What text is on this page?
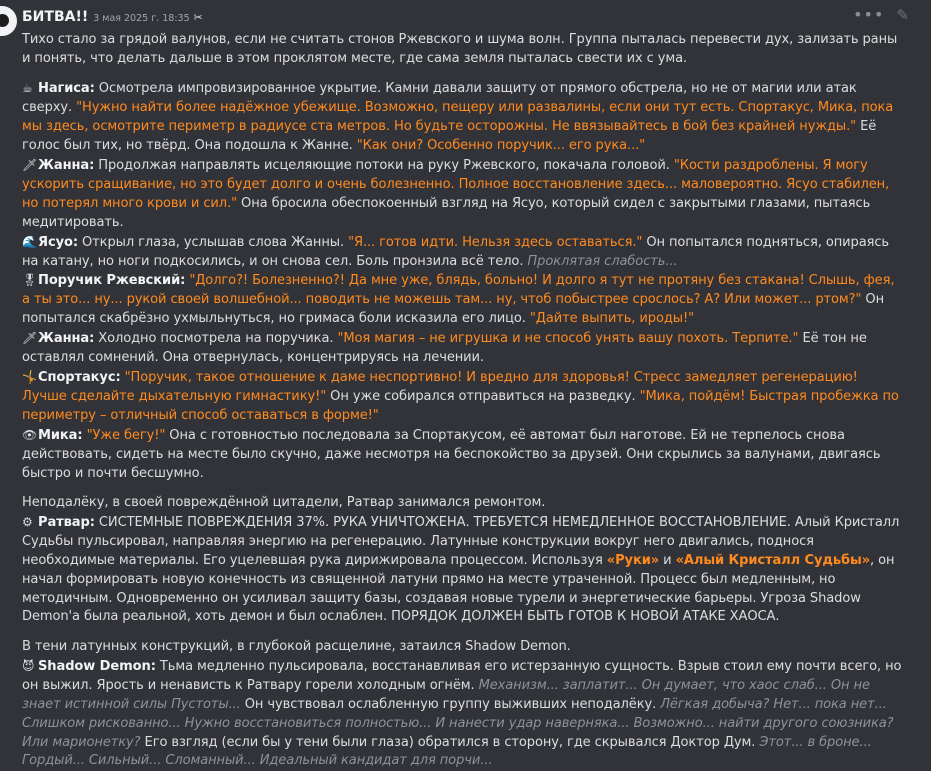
БИТВА!! 3 мая 2025 г. 18:35 ✂	••• ✎

Тихо стало за грядой валунов, если не считать стонов Ржевского и шума волн. Группа пыталась перевести дух, зализать раны и понять, что делать дальше в этом проклятом месте, где сама земля пыталась свести их с ума.

☕ Нагиса: Осмотрела импровизированное укрытие. Камни давали защиту от прямого обстрела, но не от магии или атак сверху. "Нужно найти более надёжное убежище. Возможно, пещеру или развалины, если они тут есть. Спортакус, Мика, пока мы здесь, осмотрите периметр в радиусе ста метров. Но будьте осторожны. Не ввязывайтесь в бой без крайней нужды." Её голос был тих, но твёрд. Она подошла к Жанне. "Как они? Особенно поручик... его рука..."

🗡Жанна: Продолжая направлять исцеляющие потоки на руку Ржевского, покачала головой. "Кости раздроблены. Я могу ускорить сращивание, но это будет долго и очень болезненно. Полное восстановление здесь... маловероятно. Ясуо стабилен, но потерял много крови и сил." Она бросила обеспокоенный взгляд на Ясуо, который сидел с закрытыми глазами, пытаясь медитировать.

🌊Ясуо: Открыл глаза, услышав слова Жанны. "Я... готов идти. Нельзя здесь оставаться." Он попытался подняться, опираясь на катану, но ноги подкосились, и он снова сел. Боль пронзила всё тело. Проклятая слабость...

🎖Поручик Ржевский: "Долго?! Болезненно?! Да мне уже, блядь, больно! И долго я тут не протяну без стакана! Слышь, фея, а ты это... ну... рукой своей волшебной... поводить не можешь там... ну, чтоб побыстрее срослось? А? Или может... ртом?" Он попытался скабрёзно ухмыльнуться, но гримаса боли исказила его лицо. "Дайте выпить, ироды!"

🗡Жанна: Холодно посмотрела на поручика. "Моя магия – не игрушка и не способ унять вашу похоть. Терпите." Её тон не оставлял сомнений. Она отвернулась, концентрируясь на лечении.

🤸Спортакус: "Поручик, такое отношение к даме неспортивно! И вредно для здоровья! Стресс замедляет регенерацию! Лучше сделайте дыхательную гимнастику!" Он уже собирался отправиться на разведку. "Мика, пойдём! Быстрая пробежка по периметру – отличный способ оставаться в форме!"

👁Мика: "Уже бегу!" Она с готовностью последовала за Спортакусом, её автомат был наготове. Ей не терпелось снова действовать, сидеть на месте было скучно, даже несмотря на беспокойство за друзей. Они скрылись за валунами, двигаясь быстро и почти бесшумно.

Неподалёку, в своей повреждённой цитадели, Ратвар занимался ремонтом.

⚙ Ратвар: СИСТЕМНЫЕ ПОВРЕЖДЕНИЯ 37%. РУКА УНИЧТОЖЕНА. ТРЕБУЕТСЯ НЕМЕДЛЕННОЕ ВОССТАНОВЛЕНИЕ. Алый Кристалл Судьбы пульсировал, направляя энергию на регенерацию. Латунные конструкции вокруг него двигались, поднося необходимые материалы. Его уцелевшая рука дирижировала процессом. Используя «Руки» и «Алый Кристалл Судьбы», он начал формировать новую конечность из священной латуни прямо на месте утраченной. Процесс был медленным, но методичным. Одновременно он усиливал защиту базы, создавая новые турели и энергетические барьеры. Угроза Shadow Demon'а была реальной, хоть демон и был ослаблен. ПОРЯДОК ДОЛЖЕН БЫТЬ ГОТОВ К НОВОЙ АТАКЕ ХАОСА.

В тени латунных конструкций, в глубокой расщелине, затаился Shadow Demon.

😈 Shadow Demon: Тьма медленно пульсировала, восстанавливая его истерзанную сущность. Взрыв стоил ему почти всего, но он выжил. Ярость и ненависть к Ратвару горели холодным огнём. Механизм... заплатит... Он думает, что хаос слаб... Он не знает истинной силы Пустоты... Он чувствовал ослабленную группу выживших неподалёку. Лёгкая добыча? Нет... пока нет... Слишком рискованно... Нужно восстановиться полностью... И нанести удар наверняка... Возможно... найти другого союзника? Или марионетку? Его взгляд (если бы у тени были глаза) обратился в сторону, где скрывался Доктор Дум. Этот... в броне... Гордый... Сильный... Сломанный... Идеальный кандидат для порчи...
